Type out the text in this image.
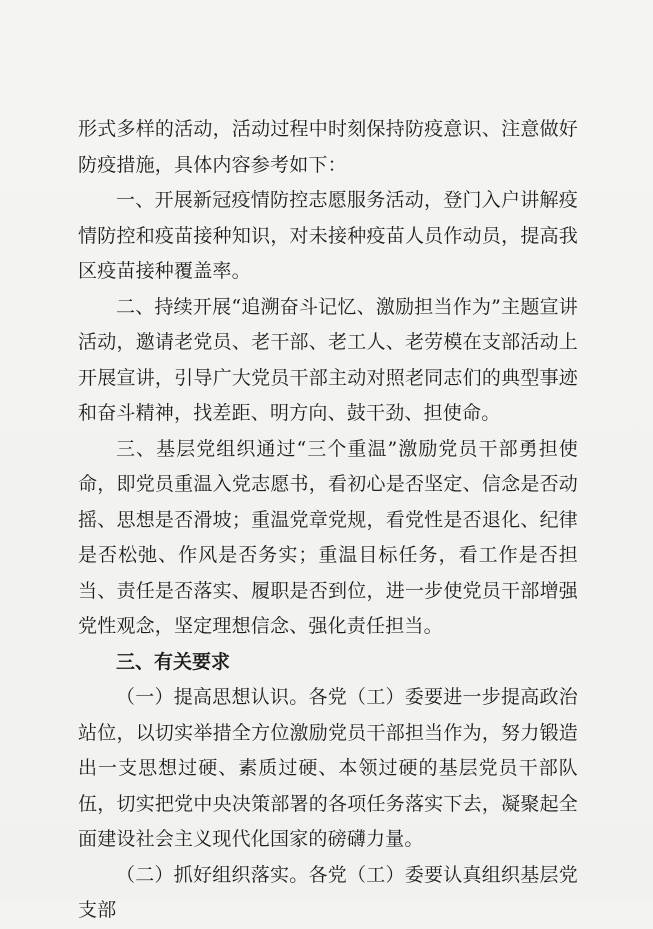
形式多样的活动，活动过程中时刻保持防疫意识、注意做好防疫措施，具体内容参考如下：

一、开展新冠疫情防控志愿服务活动，登门入户讲解疫情防控和疫苗接种知识，对未接种疫苗人员作动员，提高我区疫苗接种覆盖率。

二、持续开展“追溯奋斗记忆、激励担当作为”主题宣讲活动，邀请老党员、老干部、老工人、老劳模在支部活动上开展宣讲，引导广大党员干部主动对照老同志们的典型事迹和奋斗精神，找差距、明方向、鼓干劲、担使命。

三、基层党组织通过“三个重温”激励党员干部勇担使命，即党员重温入党志愿书，看初心是否坚定、信念是否动摇、思想是否滑坡；重温党章党规，看党性是否退化、纪律是否松弛、作风是否务实；重温目标任务，看工作是否担当、责任是否落实、履职是否到位，进一步使党员干部增强党性观念，坚定理想信念、强化责任担当。

三、有关要求

（一）提高思想认识。各党（工）委要进一步提高政治站位，以切实举措全方位激励党员干部担当作为，努力锻造出一支思想过硬、素质过硬、本领过硬的基层党员干部队伍，切实把党中央决策部署的各项任务落实下去，凝聚起全面建设社会主义现代化国家的磅礴力量。

（二）抓好组织落实。各党（工）委要认真组织基层党支部
